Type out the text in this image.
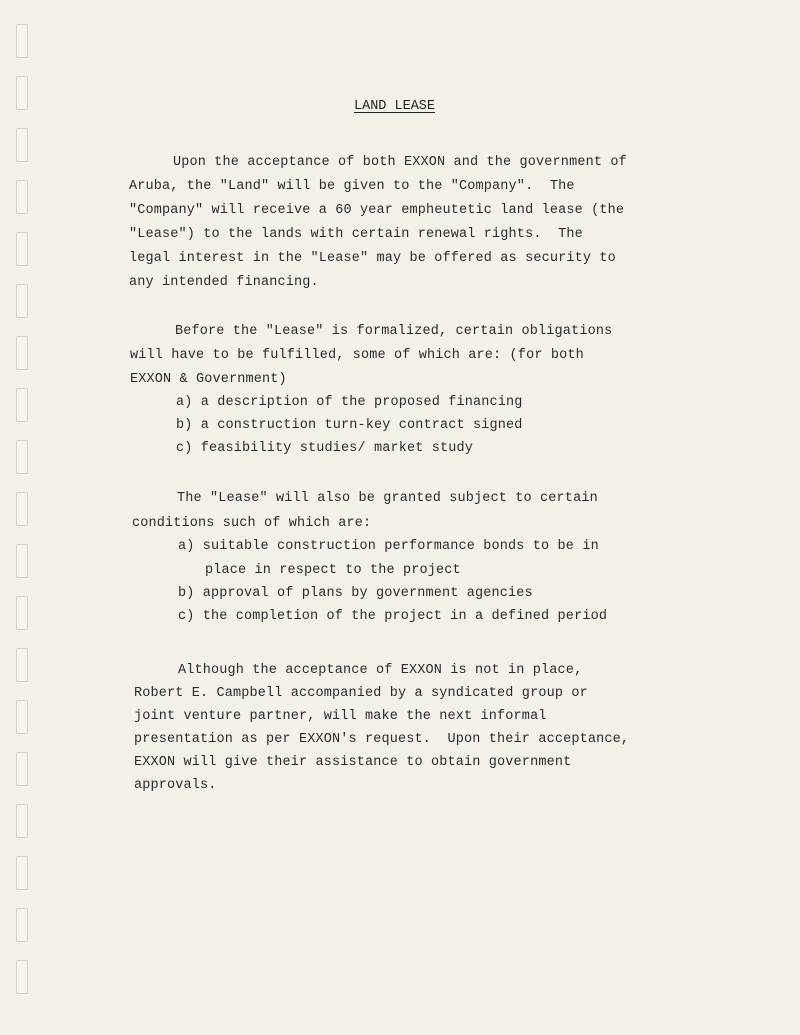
LAND LEASE
Upon the acceptance of both EXXON and the government of
Aruba, the "Land" will be given to the "Company".  The
"Company" will receive a 60 year empheutetic land lease (the
"Lease") to the lands with certain renewal rights.  The
legal interest in the "Lease" may be offered as security to
any intended financing.
Before the "Lease" is formalized, certain obligations
will have to be fulfilled, some of which are: (for both
EXXON & Government)
a) a description of the proposed financing
b) a construction turn-key contract signed
c) feasibility studies/ market study
The "Lease" will also be granted subject to certain
conditions such of which are:
a) suitable construction performance bonds to be in
place in respect to the project
b) approval of plans by government agencies
c) the completion of the project in a defined period
Although the acceptance of EXXON is not in place,
Robert E. Campbell accompanied by a syndicated group or
joint venture partner, will make the next informal
presentation as per EXXON's request.  Upon their acceptance,
EXXON will give their assistance to obtain government
approvals.
